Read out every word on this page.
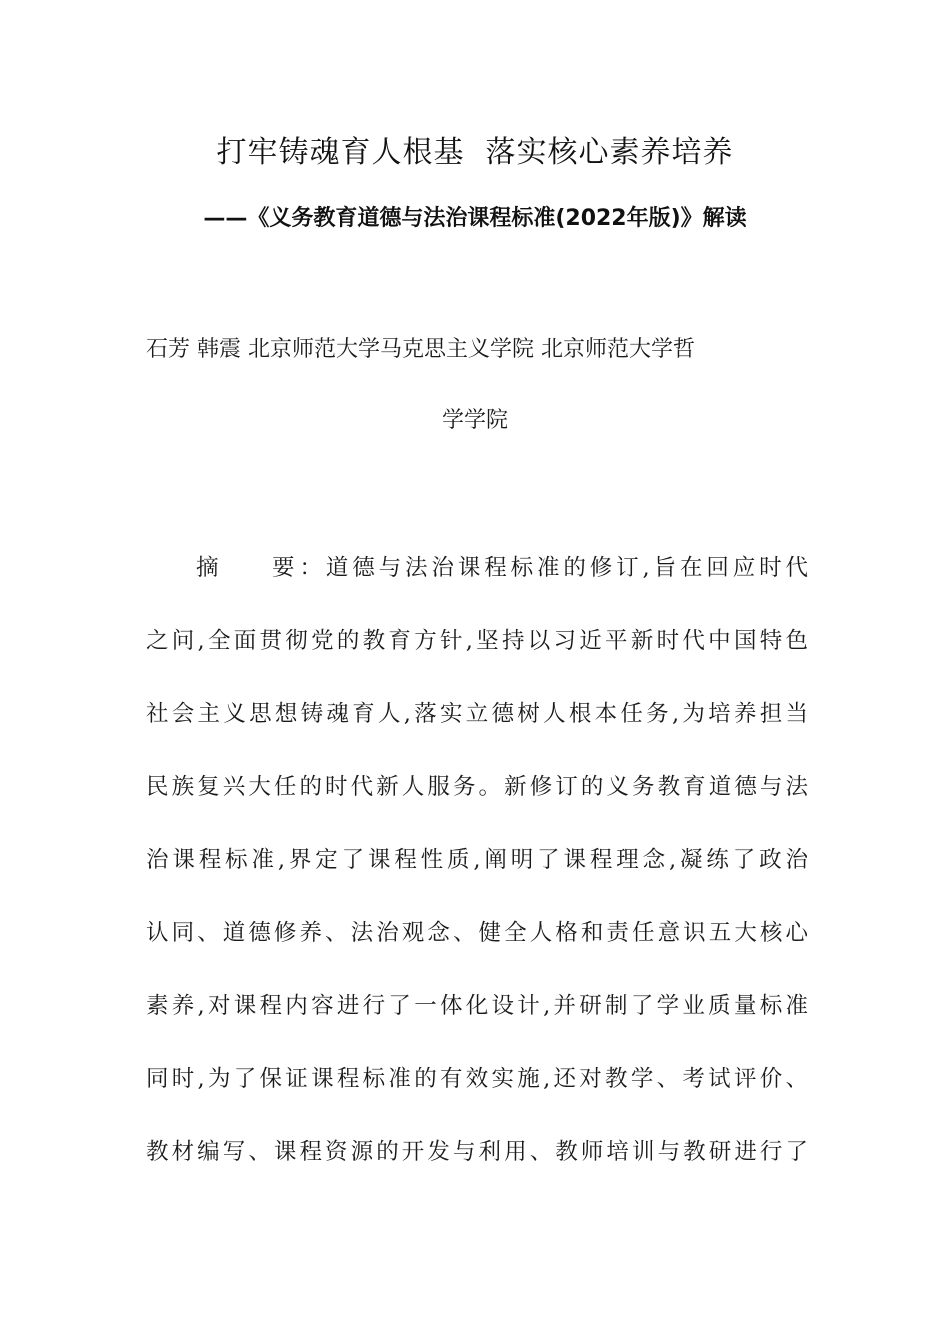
打牢铸魂育人根基  落实核心素养培养
——《义务教育道德与法治课程标准(2022年版)》解读
石芳 韩震 北京师范大学马克思主义学院 北京师范大学哲
学学院
摘    要：道德与法治课程标准的修订,旨在回应时代
之问,全面贯彻党的教育方针,坚持以习近平新时代中国特色
社会主义思想铸魂育人,落实立德树人根本任务,为培养担当
民族复兴大任的时代新人服务。新修订的义务教育道德与法
治课程标准,界定了课程性质,阐明了课程理念,凝练了政治
认同、道德修养、法治观念、健全人格和责任意识五大核心
素养,对课程内容进行了一体化设计,并研制了学业质量标准
同时,为了保证课程标准的有效实施,还对教学、考试评价、
教材编写、课程资源的开发与利用、教师培训与教研进行了
